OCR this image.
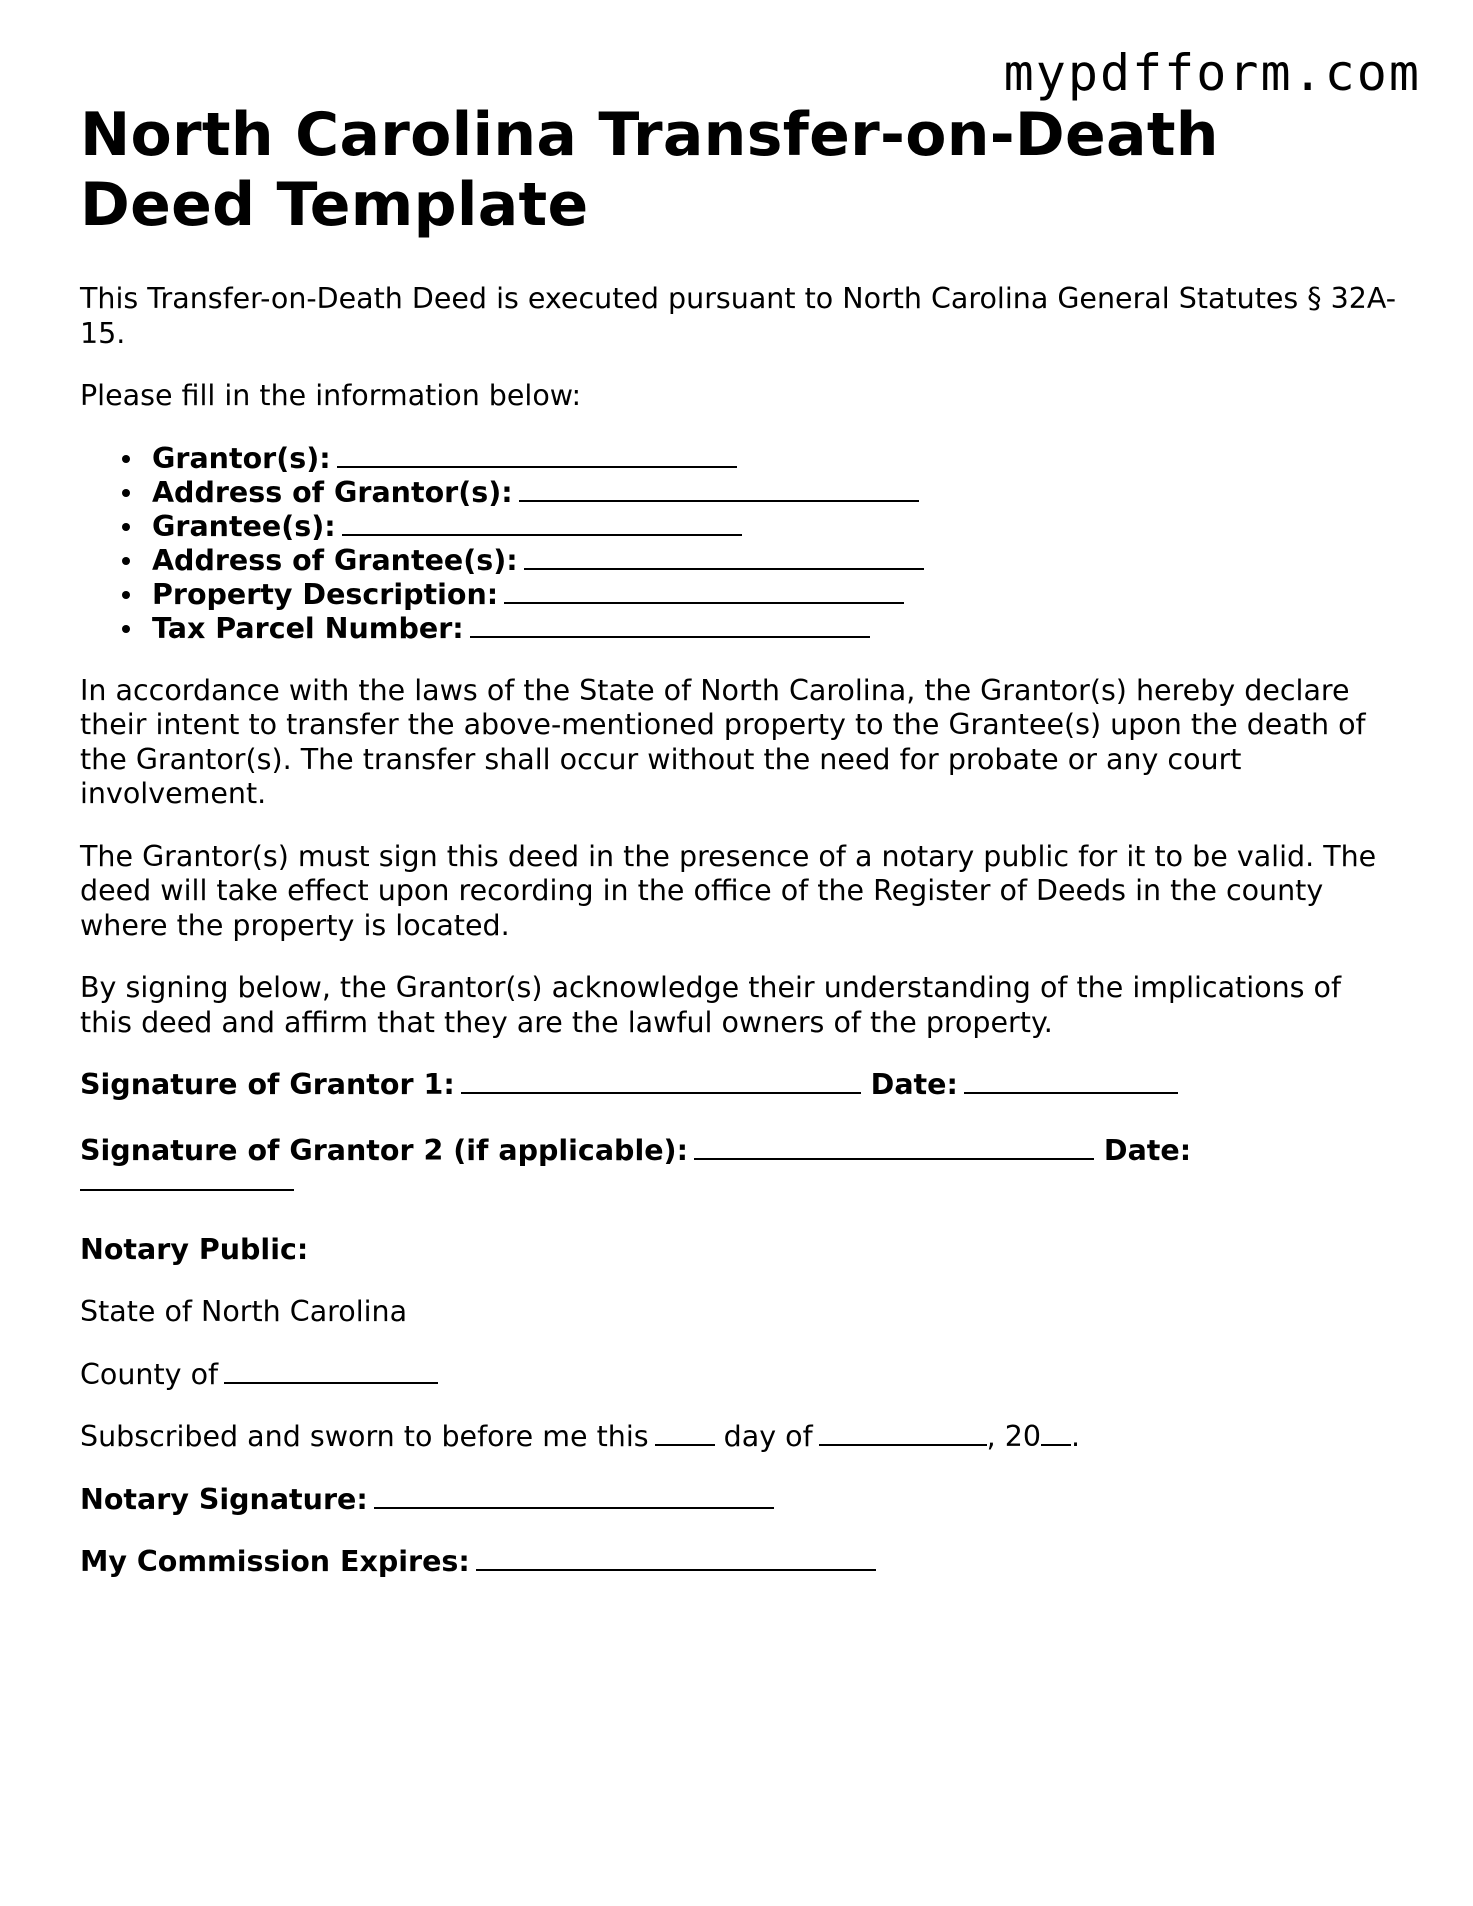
mypdfform.com
North Carolina Transfer-on-Death Deed Template

This Transfer-on-Death Deed is executed pursuant to North Carolina General Statutes § 32A-15.

Please fill in the information below:

Grantor(s):
Address of Grantor(s):
Grantee(s):
Address of Grantee(s):
Property Description:
Tax Parcel Number:

In accordance with the laws of the State of North Carolina, the Grantor(s) hereby declare their intent to transfer the above-mentioned property to the Grantee(s) upon the death of the Grantor(s). The transfer shall occur without the need for probate or any court involvement.

The Grantor(s) must sign this deed in the presence of a notary public for it to be valid. The deed will take effect upon recording in the office of the Register of Deeds in the county where the property is located.

By signing below, the Grantor(s) acknowledge their understanding of the implications of this deed and affirm that they are the lawful owners of the property.

Signature of Grantor 1:	Date:

Signature of Grantor 2 (if applicable):	Date:

Notary Public:

State of North Carolina

County of

Subscribed and sworn to before me this	day of	, 20 .

Notary Signature:

My Commission Expires:
